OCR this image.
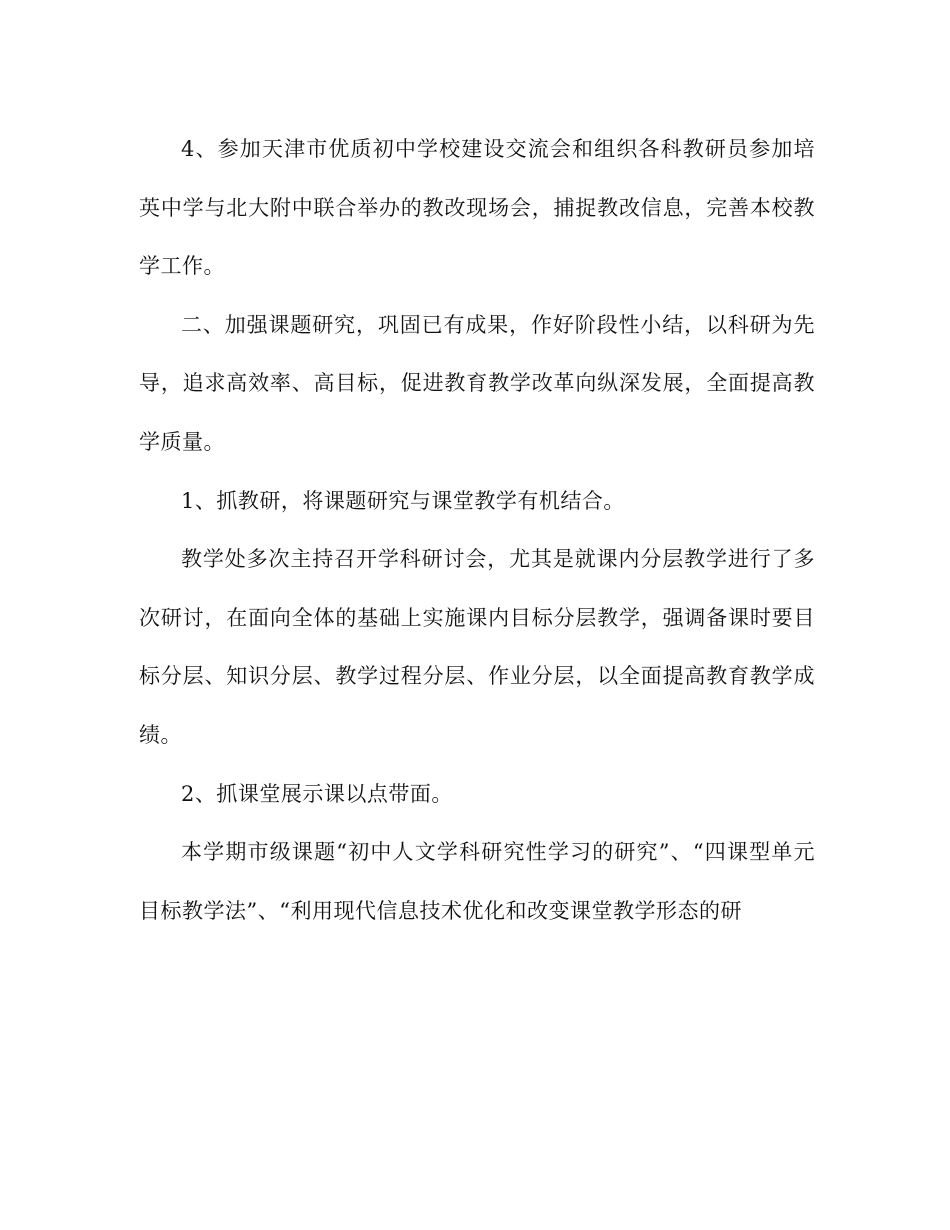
4、参加天津市优质初中学校建设交流会和组织各科教研员参加培英中学与北大附中联合举办的教改现场会，捕捉教改信息，完善本校教学工作。

二、加强课题研究，巩固已有成果，作好阶段性小结，以科研为先导，追求高效率、高目标，促进教育教学改革向纵深发展，全面提高教学质量。

1、抓教研，将课题研究与课堂教学有机结合。

教学处多次主持召开学科研讨会，尤其是就课内分层教学进行了多次研讨，在面向全体的基础上实施课内目标分层教学，强调备课时要目标分层、知识分层、教学过程分层、作业分层，以全面提高教育教学成绩。

2、抓课堂展示课以点带面。

本学期市级课题“初中人文学科研究性学习的研究”、“四课型单元目标教学法”、“利用现代信息技术优化和改变课堂教学形态的研
